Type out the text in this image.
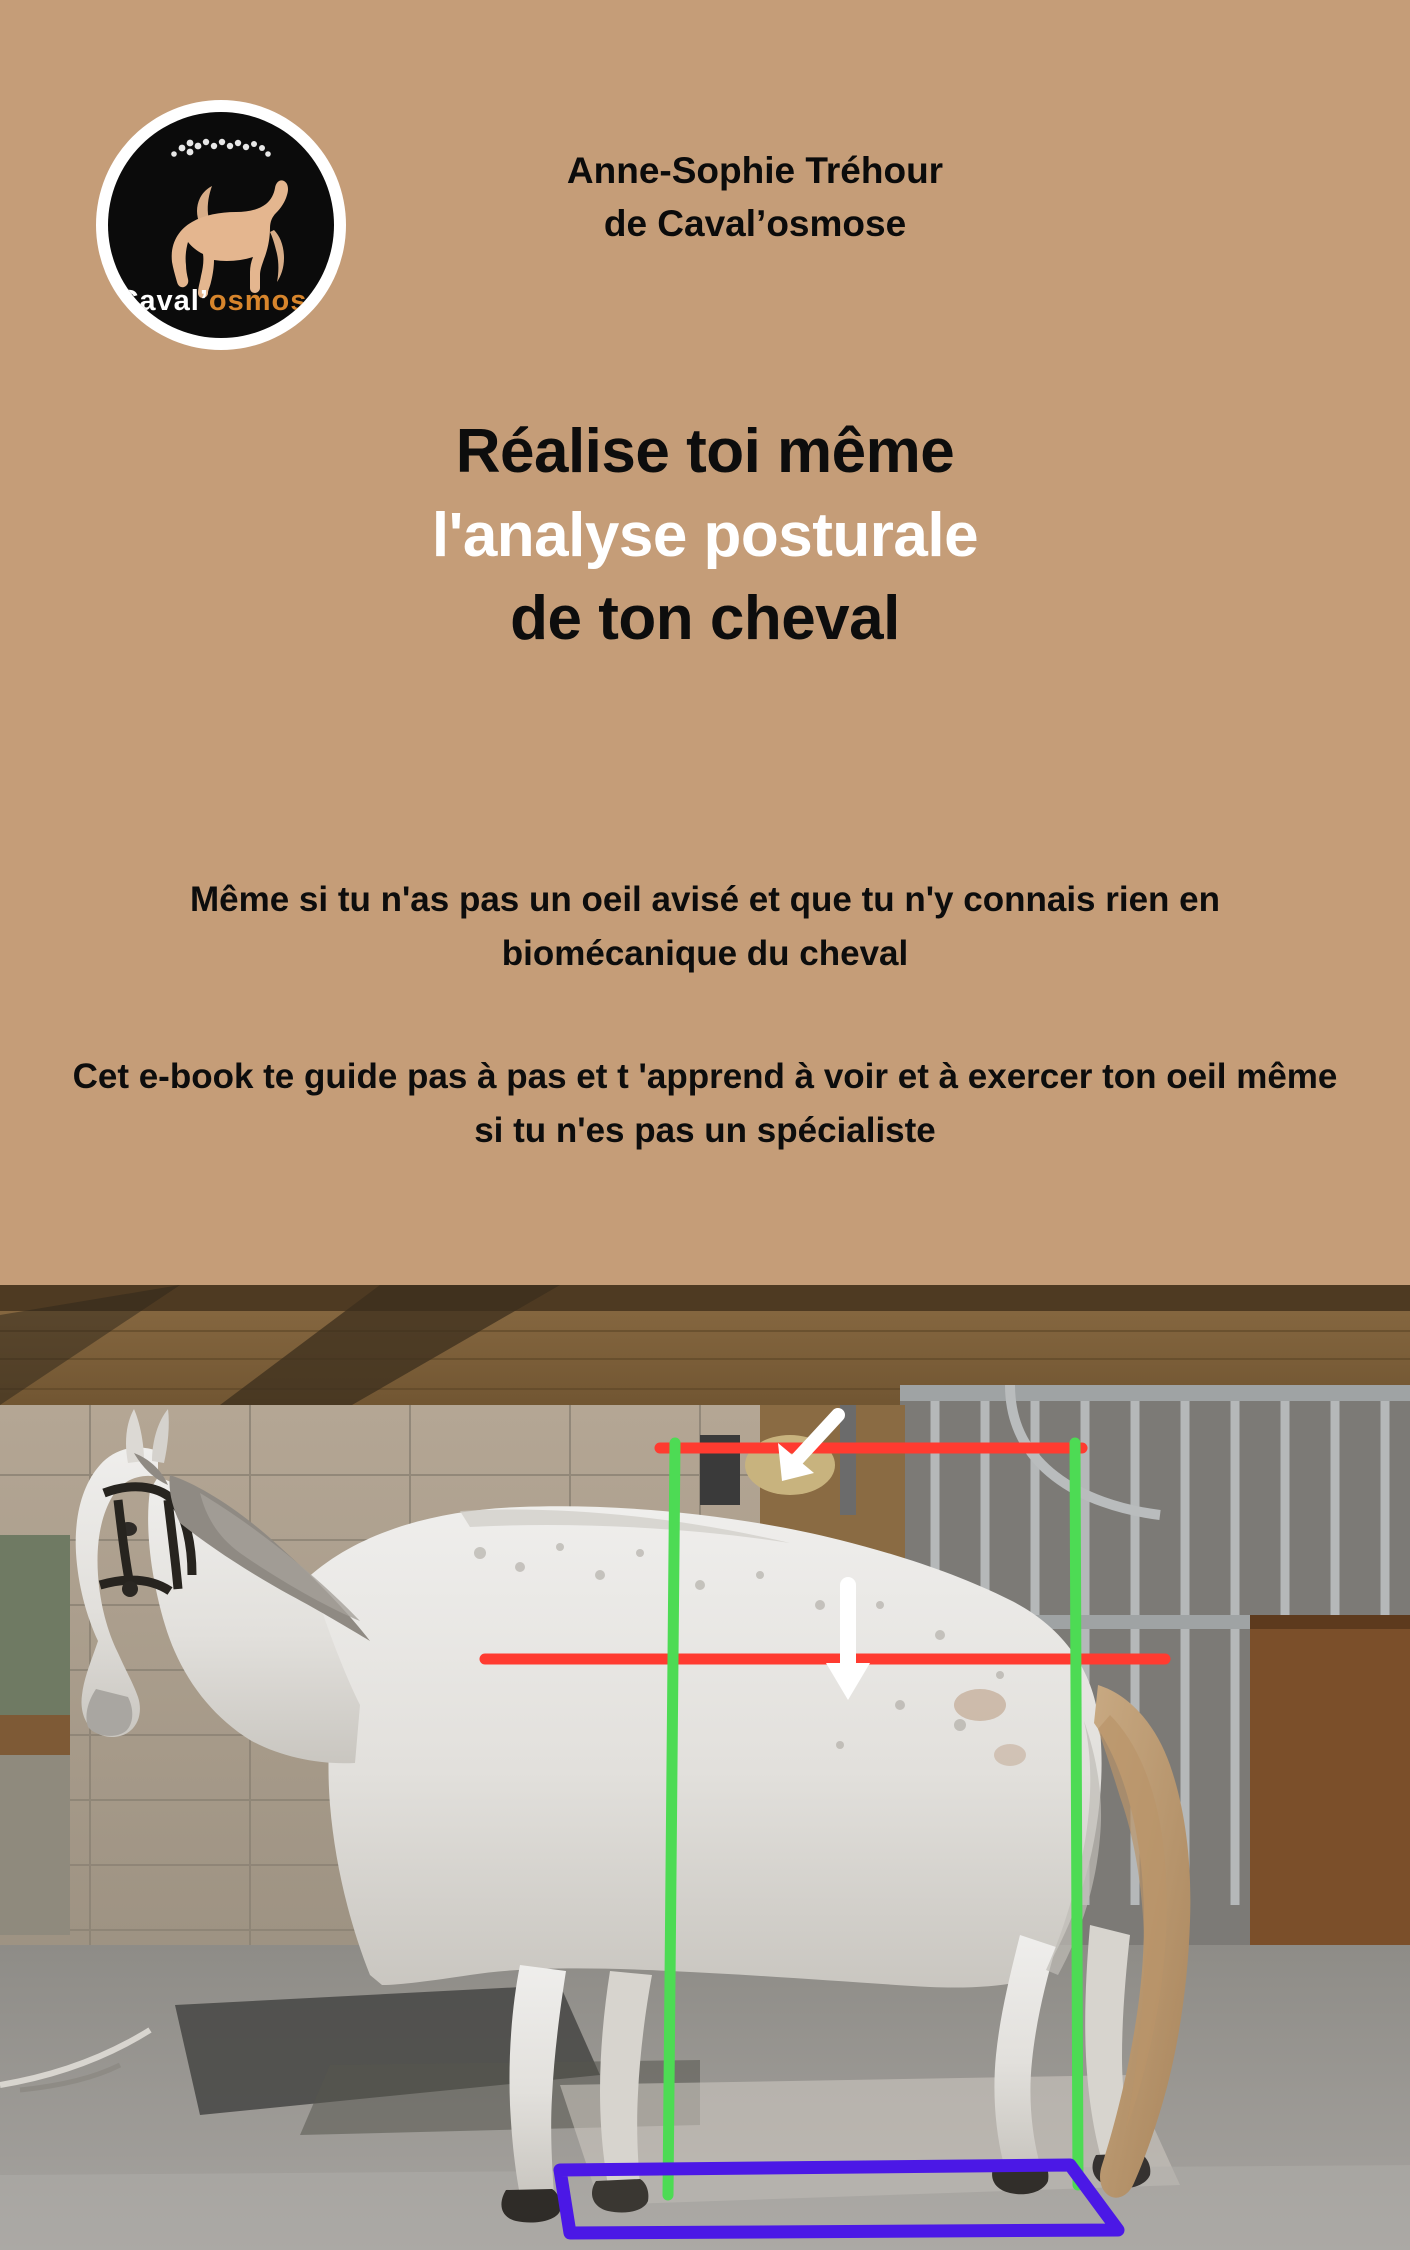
Caval’osmose
Anne-Sophie Tréhour
de Caval’osmose
Réalise toi même
l'analyse posturale
de ton cheval
Même si tu n'as pas un oeil avisé et que tu n'y connais rien en biomécanique du cheval
Cet e-book te guide pas à pas et t 'apprend à voir et à exercer ton oeil même si tu n'es pas un spécialiste
